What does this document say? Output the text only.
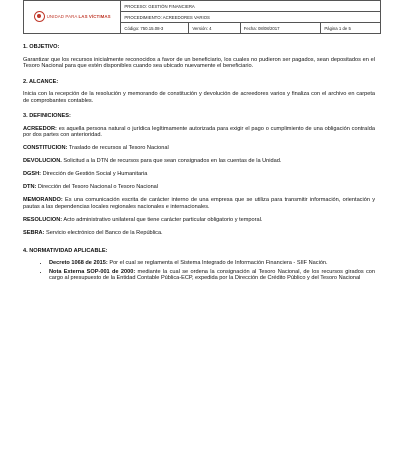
UNIDAD PARA LAS VÍCTIMAS	PROCESO: GESTIÓN FINANCIERA			
	PROCEDIMIENTO: ACREEDORES VARIOS			
	Código: 750.15.08-3	Versión: 4	Fecha: 08/08/2017	Página 1 de 5
1. OBJETIVO:

Garantizar que los recursos inicialmente reconocidos a favor de un beneficiario, los cuales no pudieron ser pagados, sean depositados en el Tesoro Nacional para que estén disponibles cuando sea ubicado nuevamente el beneficiario.

2. ALCANCE:

Inicia con la recepción de la resolución y memorando de constitución y devolución de acreedores varios y finaliza con el archivo en carpeta de comprobantes contables.

3. DEFINICIONES:

ACREEDOR: es aquella persona natural o jurídica legítimamente autorizada para exigir el pago o cumplimiento de una obligación contraída por dos partes con anterioridad.

CONSTITUCION: Traslado de recursos al Tesoro Nacional

DEVOLUCION. Solicitud a la DTN de recursos para que sean consignados en las cuentas de la Unidad.

DGSH: Dirección de Gestión Social y Humanitaria

DTN: Dirección del Tesoro Nacional o Tesoro Nacional

MEMORANDO: Es una comunicación escrita de carácter interno de una empresa que se utiliza para transmitir información, orientación y pautas a las dependencias locales regionales nacionales e internacionales.

RESOLUCION: Acto administrativo unilateral que tiene carácter particular obligatorio y temporal.

SEBRA: Servicio electrónico del Banco de la República.

4. NORMATIVIDAD APLICABLE:
• Decreto 1068 de 2015: Por el cual se reglamenta el Sistema Integrado de Información Financiera - SIIF Nación.
• Nota Externa SOP-001 de 2000: mediante la cual se ordena la consignación al Tesoro Nacional, de los recursos girados con cargo al presupuesto de la Entidad Contable Pública-ECP, expedida por la Dirección de Crédito Público y del Tesoro Nacional
